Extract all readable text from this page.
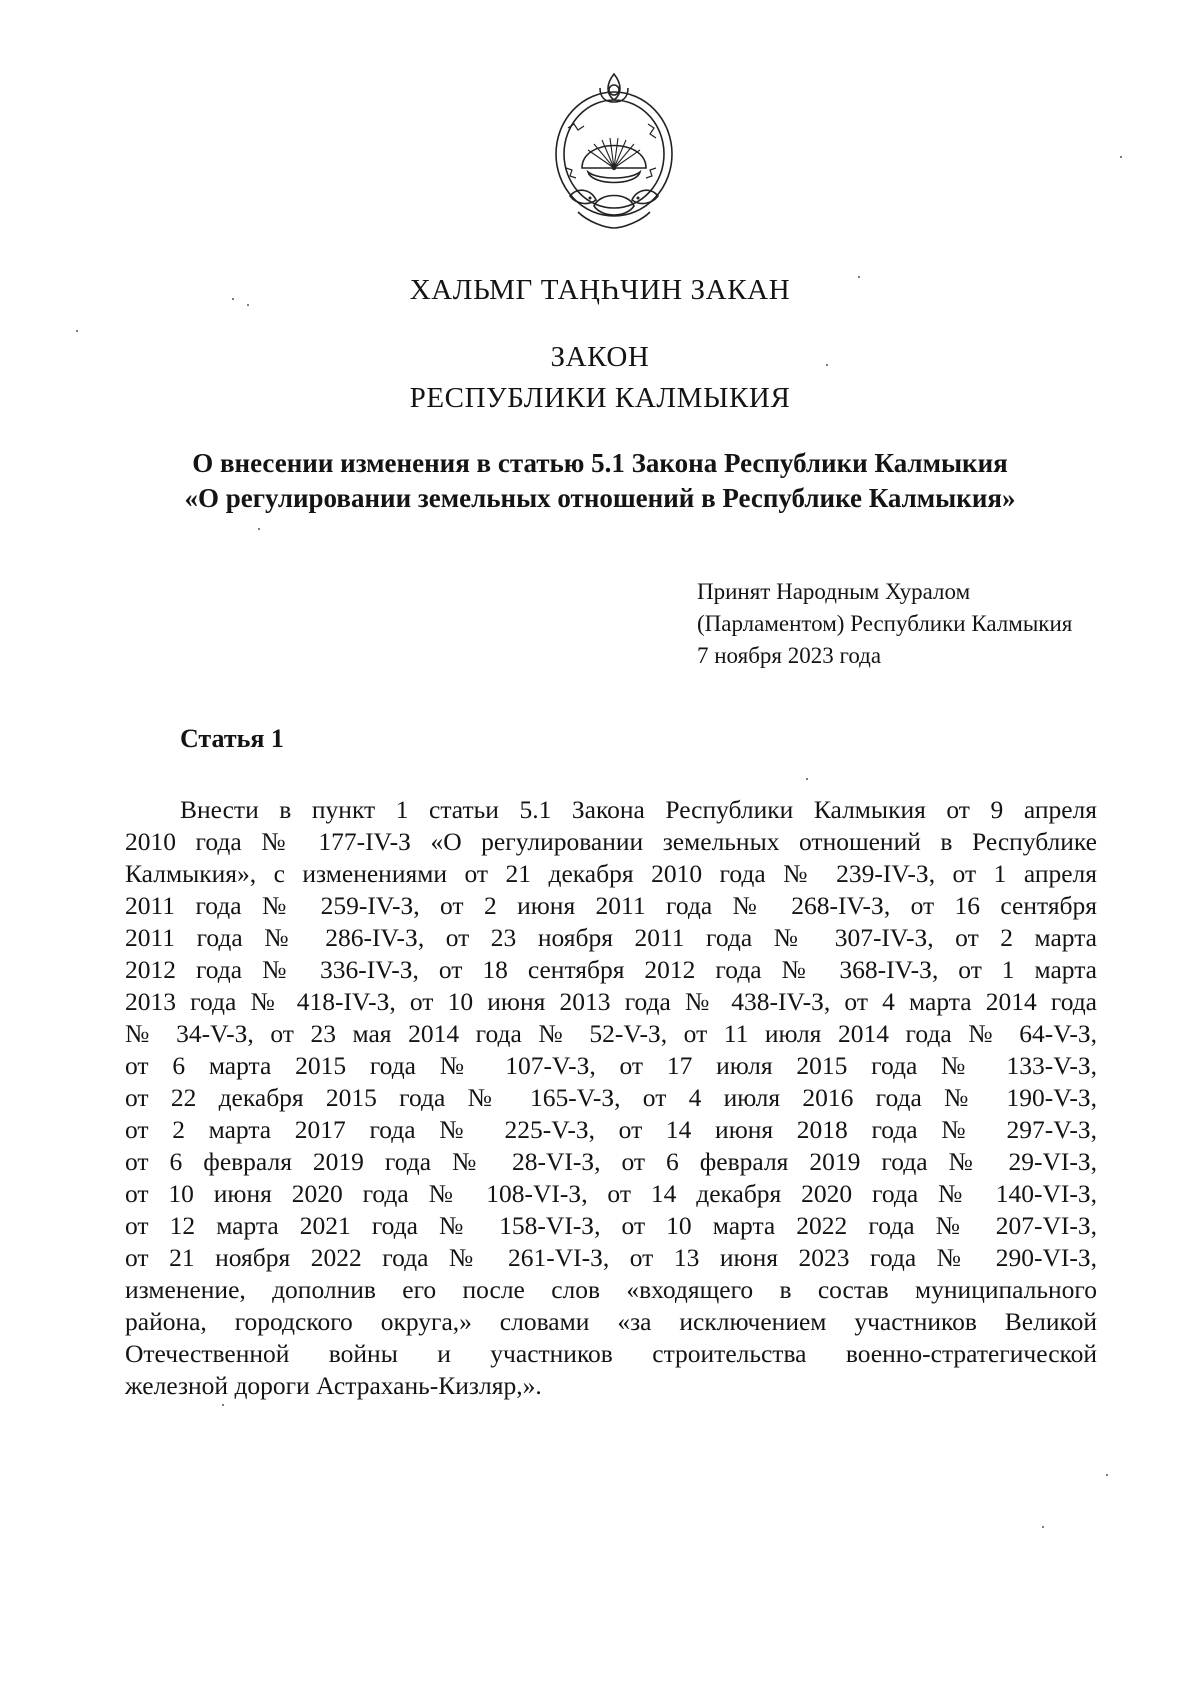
ХАЛЬМГ ТАҢҺЧИН ЗАКАН
ЗАКОН
РЕСПУБЛИКИ КАЛМЫКИЯ
О внесении изменения в статью 5.1 Закона Республики Калмыкия
«О регулировании земельных отношений в Республике Калмыкия»
Принят Народным Хуралом
(Парламентом) Республики Калмыкия
7 ноября 2023 года
Статья 1
Внести в пункт 1 статьи 5.1 Закона Республики Калмыкия от 9 апреля
2010 года № 177-IV-З «О регулировании земельных отношений в Республике
Калмыкия», с изменениями от 21 декабря 2010 года № 239-IV-З, от 1 апреля
2011 года № 259-IV-З, от 2 июня 2011 года № 268-IV-З, от 16 сентября
2011 года № 286-IV-З, от 23 ноября 2011 года № 307-IV-З, от 2 марта
2012 года № 336-IV-З, от 18 сентября 2012 года № 368-IV-З, от 1 марта
2013 года № 418-IV-З, от 10 июня 2013 года № 438-IV-З, от 4 марта 2014 года
№ 34-V-З, от 23 мая 2014 года № 52-V-З, от 11 июля 2014 года № 64-V-З,
от 6 марта 2015 года № 107-V-З, от 17 июля 2015 года № 133-V-З,
от 22 декабря 2015 года № 165-V-З, от 4 июля 2016 года № 190-V-З,
от 2 марта 2017 года № 225-V-З, от 14 июня 2018 года № 297-V-З,
от 6 февраля 2019 года № 28-VI-З, от 6 февраля 2019 года № 29-VI-З,
от 10 июня 2020 года № 108-VI-З, от 14 декабря 2020 года № 140-VI-З,
от 12 марта 2021 года № 158-VI-З, от 10 марта 2022 года № 207-VI-З,
от 21 ноября 2022 года № 261-VI-З, от 13 июня 2023 года № 290-VI-З,
изменение, дополнив его после слов «входящего в состав муниципального
района, городского округа,» словами «за исключением участников Великой
Отечественной войны и участников строительства военно-стратегической
железной дороги Астрахань-Кизляр,».
